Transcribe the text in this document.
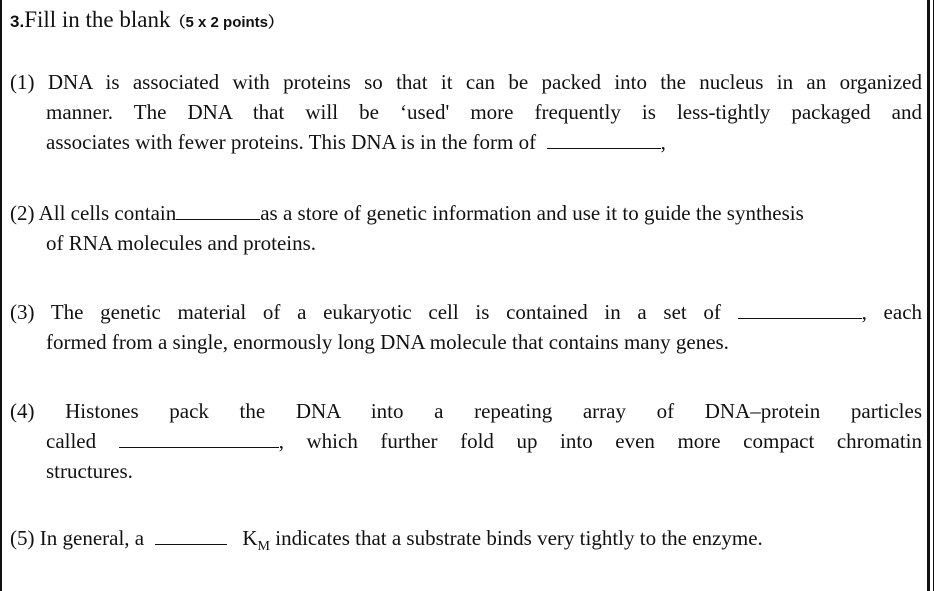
3.Fill in the blank（5 x 2 points）
(1) DNA is associated with proteins so that it can be packed into the nucleus in an organized
manner. The DNA that will be ‘used' more frequently is less-tightly packaged and
associates with fewer proteins. This DNA is in the form of	,
(2) All cells contain	as a store of genetic information and use it to guide the synthesis
of RNA molecules and proteins.
(3) The genetic material of a eukaryotic cell is contained in a set of	, each
formed from a single, enormously long DNA molecule that contains many genes.
(4) Histones pack the DNA into a repeating array of DNA–protein particles
called	, which further fold up into even more compact chromatin
structures.
(5) In general, a	$K_M$ indicates that a substrate binds very tightly to the enzyme.
